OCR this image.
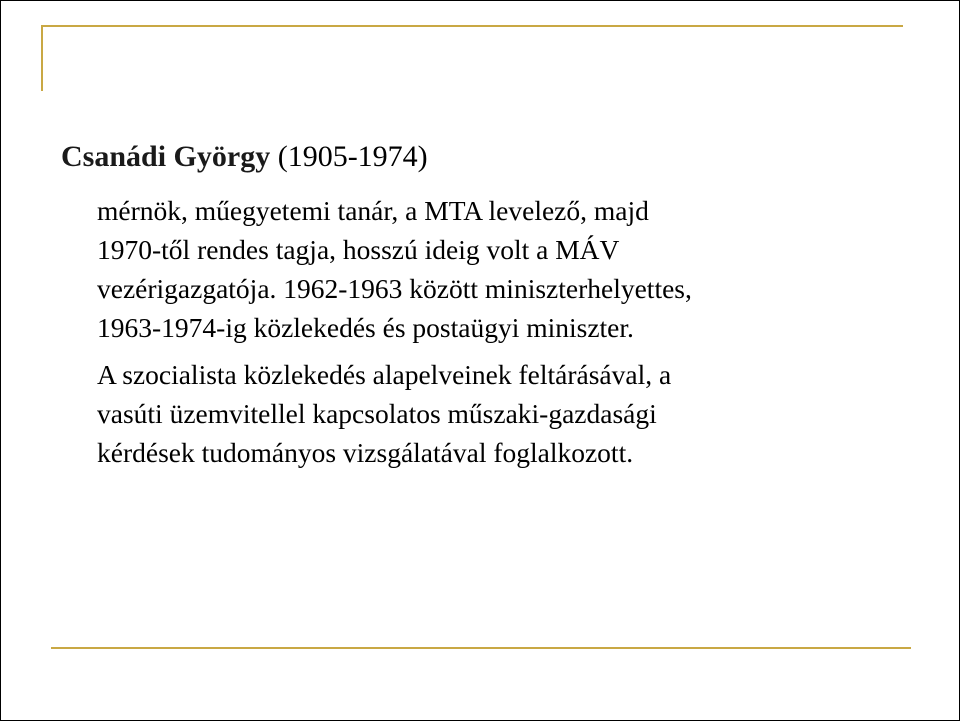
Csanádi György (1905-1974)

mérnök, műegyetemi tanár, a MTA levelező, majd
1970-től rendes tagja, hosszú ideig volt a MÁV
vezérigazgatója. 1962-1963 között miniszterhelyettes,
1963-1974-ig közlekedés és postaügyi miniszter.

A szocialista közlekedés alapelveinek feltárásával, a
vasúti üzemvitellel kapcsolatos műszaki-gazdasági
kérdések tudományos vizsgálatával foglalkozott.
